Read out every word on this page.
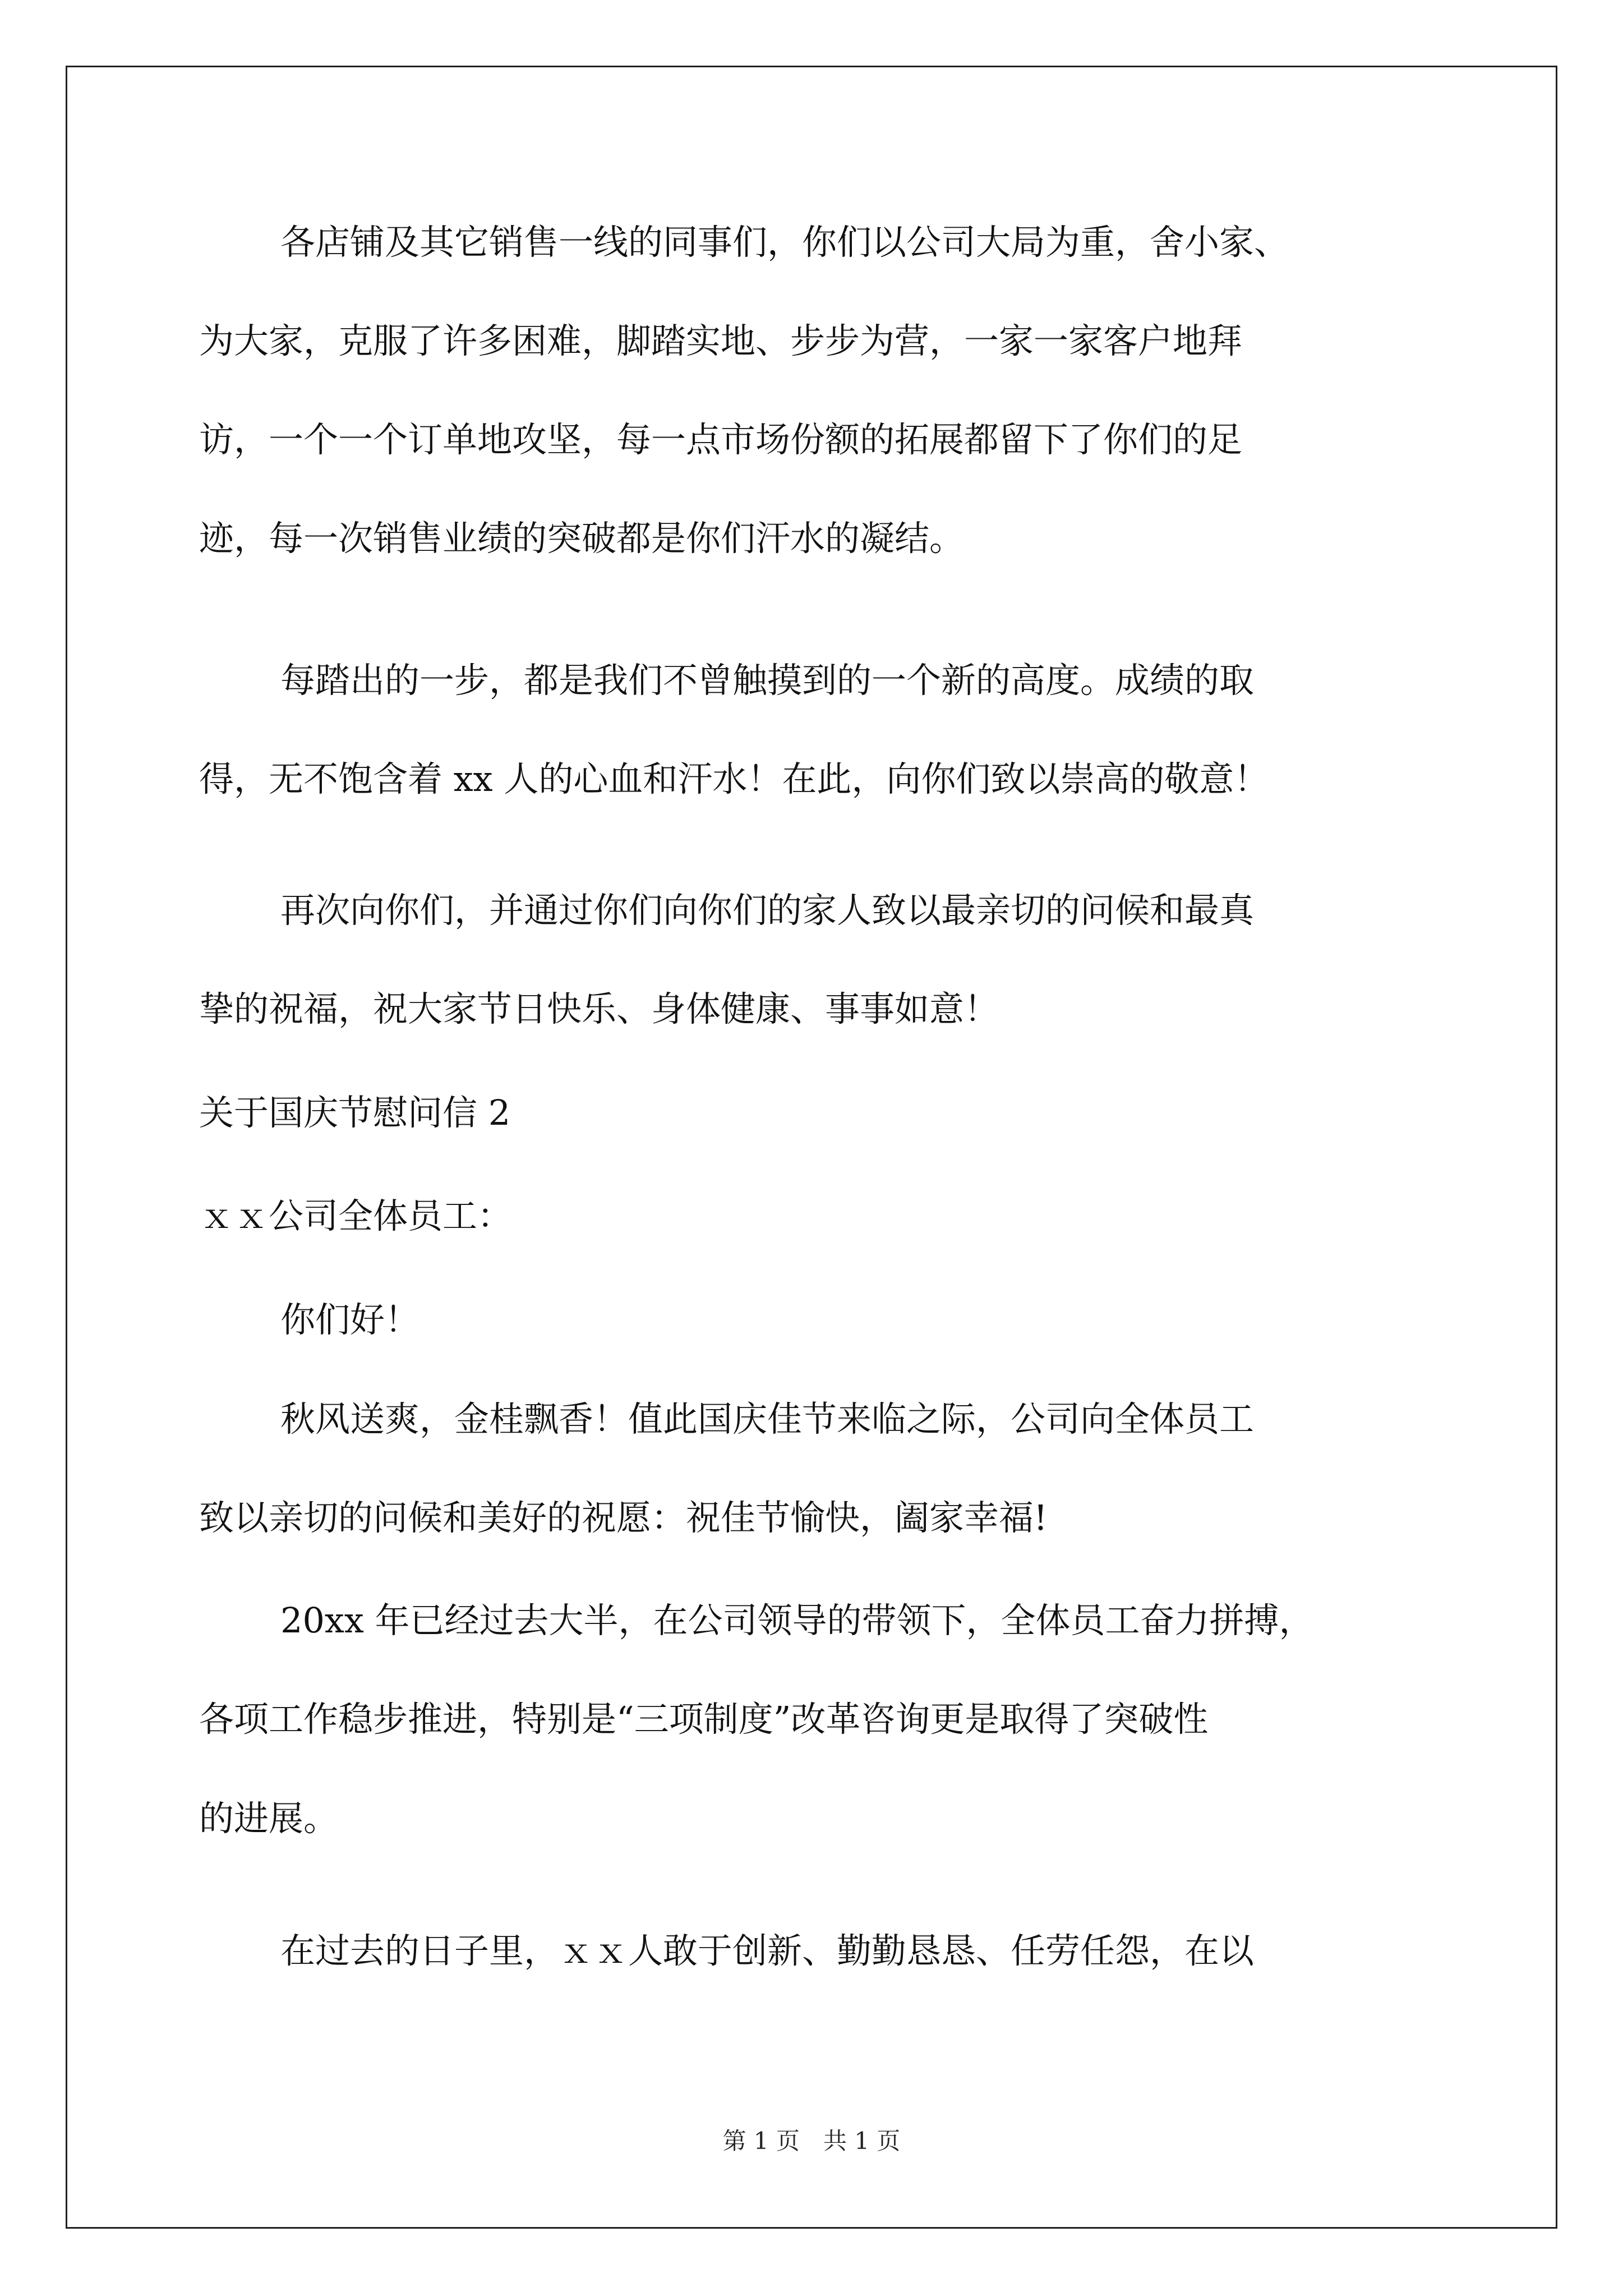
各店铺及其它销售一线的同事们，你们以公司大局为重，舍小家、
为大家，克服了许多困难，脚踏实地、步步为营，一家一家客户地拜
访，一个一个订单地攻坚，每一点市场份额的拓展都留下了你们的足
迹，每一次销售业绩的突破都是你们汗水的凝结。
每踏出的一步，都是我们不曾触摸到的一个新的高度。成绩的取
得，无不饱含着 xx 人的心血和汗水！在此，向你们致以崇高的敬意！
再次向你们，并通过你们向你们的家人致以最亲切的问候和最真
挚的祝福，祝大家节日快乐、身体健康、事事如意！
关于国庆节慰问信 2
ｘｘ公司全体员工：
你们好！
秋风送爽，金桂飘香！值此国庆佳节来临之际，公司向全体员工
致以亲切的问候和美好的祝愿：祝佳节愉快，阖家幸福!
20xx 年已经过去大半，在公司领导的带领下，全体员工奋力拼搏，
各项工作稳步推进，特别是“三项制度”改革咨询更是取得了突破性
的进展。
在过去的日子里，ｘｘ人敢于创新、勤勤恳恳、任劳任怨，在以
第 1 页　共 1 页
